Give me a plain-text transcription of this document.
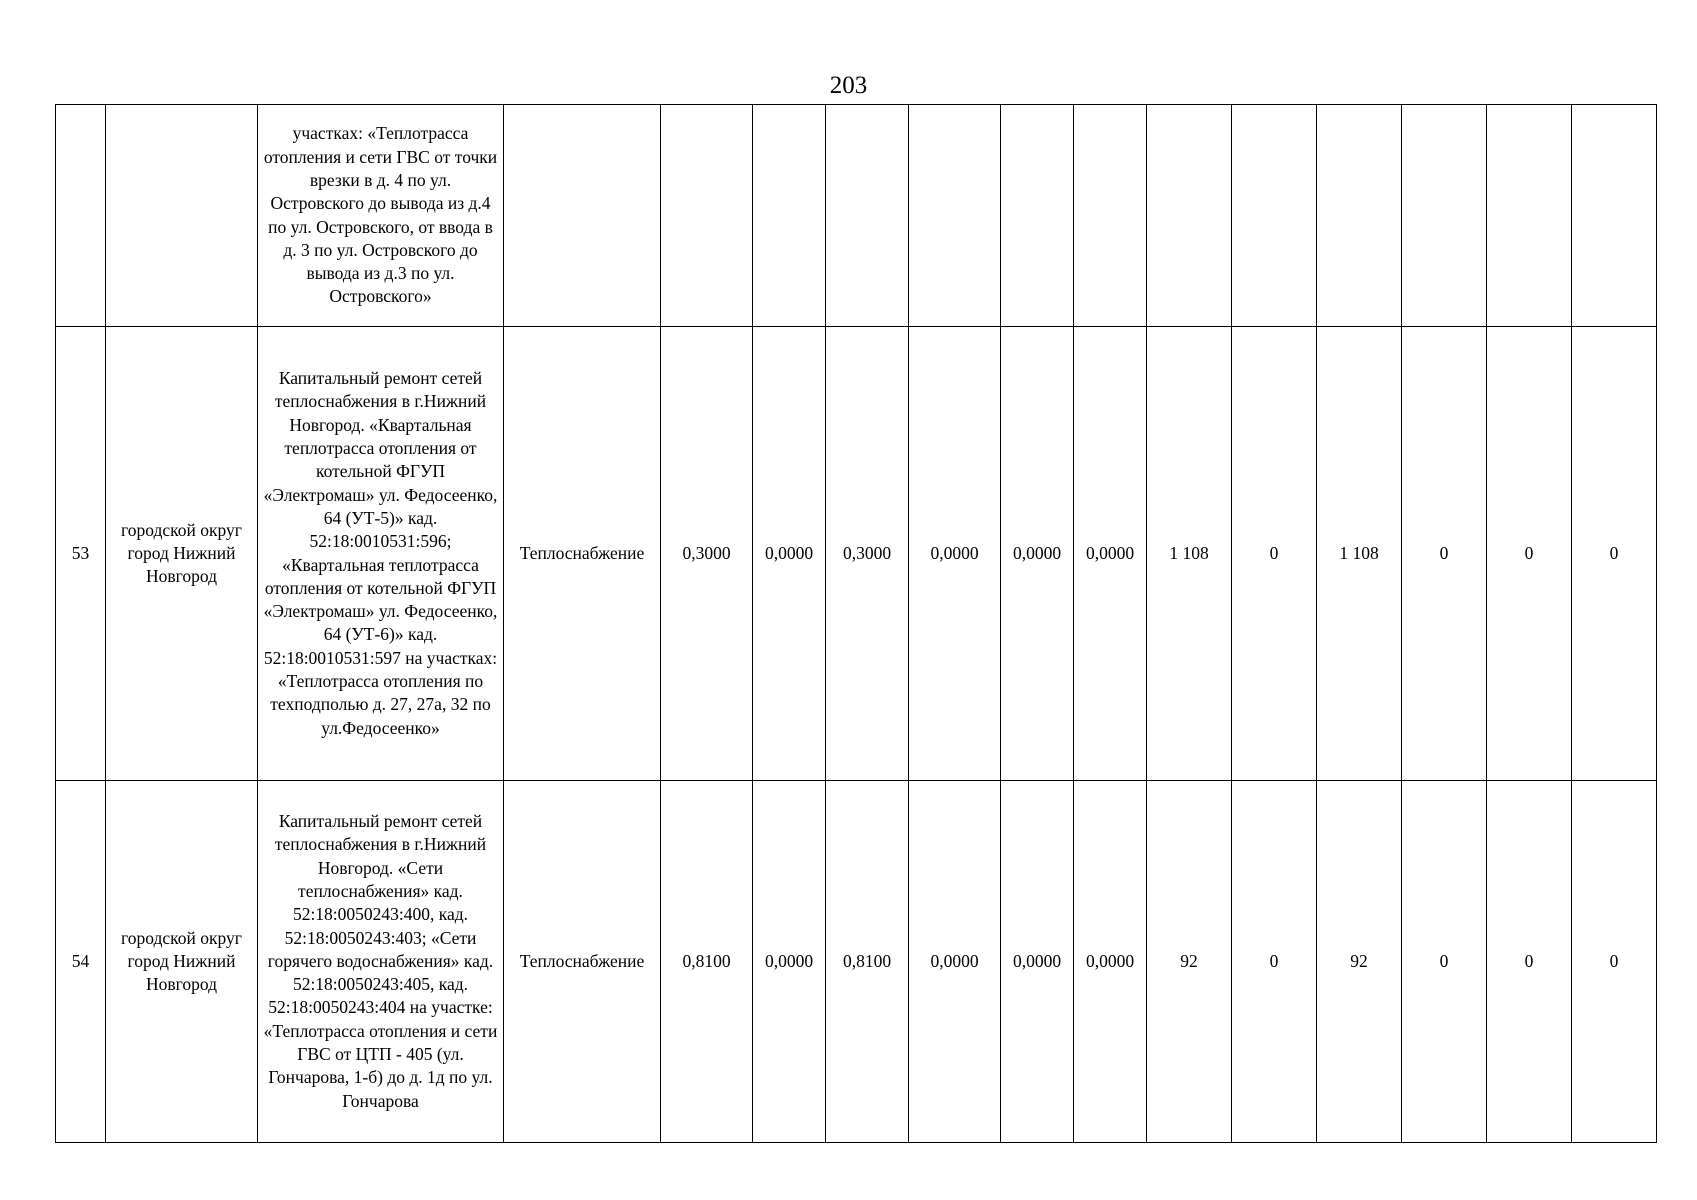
203
		участках: «Теплотрасса отопления и сети ГВС от точки врезки в д. 4 по ул. Островского до вывода из д.4 по ул. Островского, от ввода в д. 3 по ул. Островского до вывода из д.3 по ул. Островского»													
53	городской округ город Нижний Новгород	Капитальный ремонт сетей теплоснабжения в г.Нижний Новгород. «Квартальная теплотрасса отопления от котельной ФГУП «Электромаш» ул. Федосеенко, 64 (УТ-5)» кад. 52:18:0010531:596; «Квартальная теплотрасса отопления от котельной ФГУП «Электромаш» ул. Федосеенко, 64 (УТ-6)» кад. 52:18:0010531:597 на участках: «Теплотрасса отопления по техподполью д. 27, 27а, 32 по ул.Федосеенко»	Теплоснабжение	0,3000	0,0000	0,3000	0,0000	0,0000	0,0000	1 108	0	1 108	0	0	0
54	городской округ город Нижний Новгород	Капитальный ремонт сетей теплоснабжения в г.Нижний Новгород. «Сети теплоснабжения» кад. 52:18:0050243:400, кад. 52:18:0050243:403; «Сети горячего водоснабжения» кад. 52:18:0050243:405, кад. 52:18:0050243:404 на участке: «Теплотрасса отопления и сети ГВС от ЦТП - 405 (ул. Гончарова, 1-б) до д. 1д по ул. Гончарова	Теплоснабжение	0,8100	0,0000	0,8100	0,0000	0,0000	0,0000	92	0	92	0	0	0
